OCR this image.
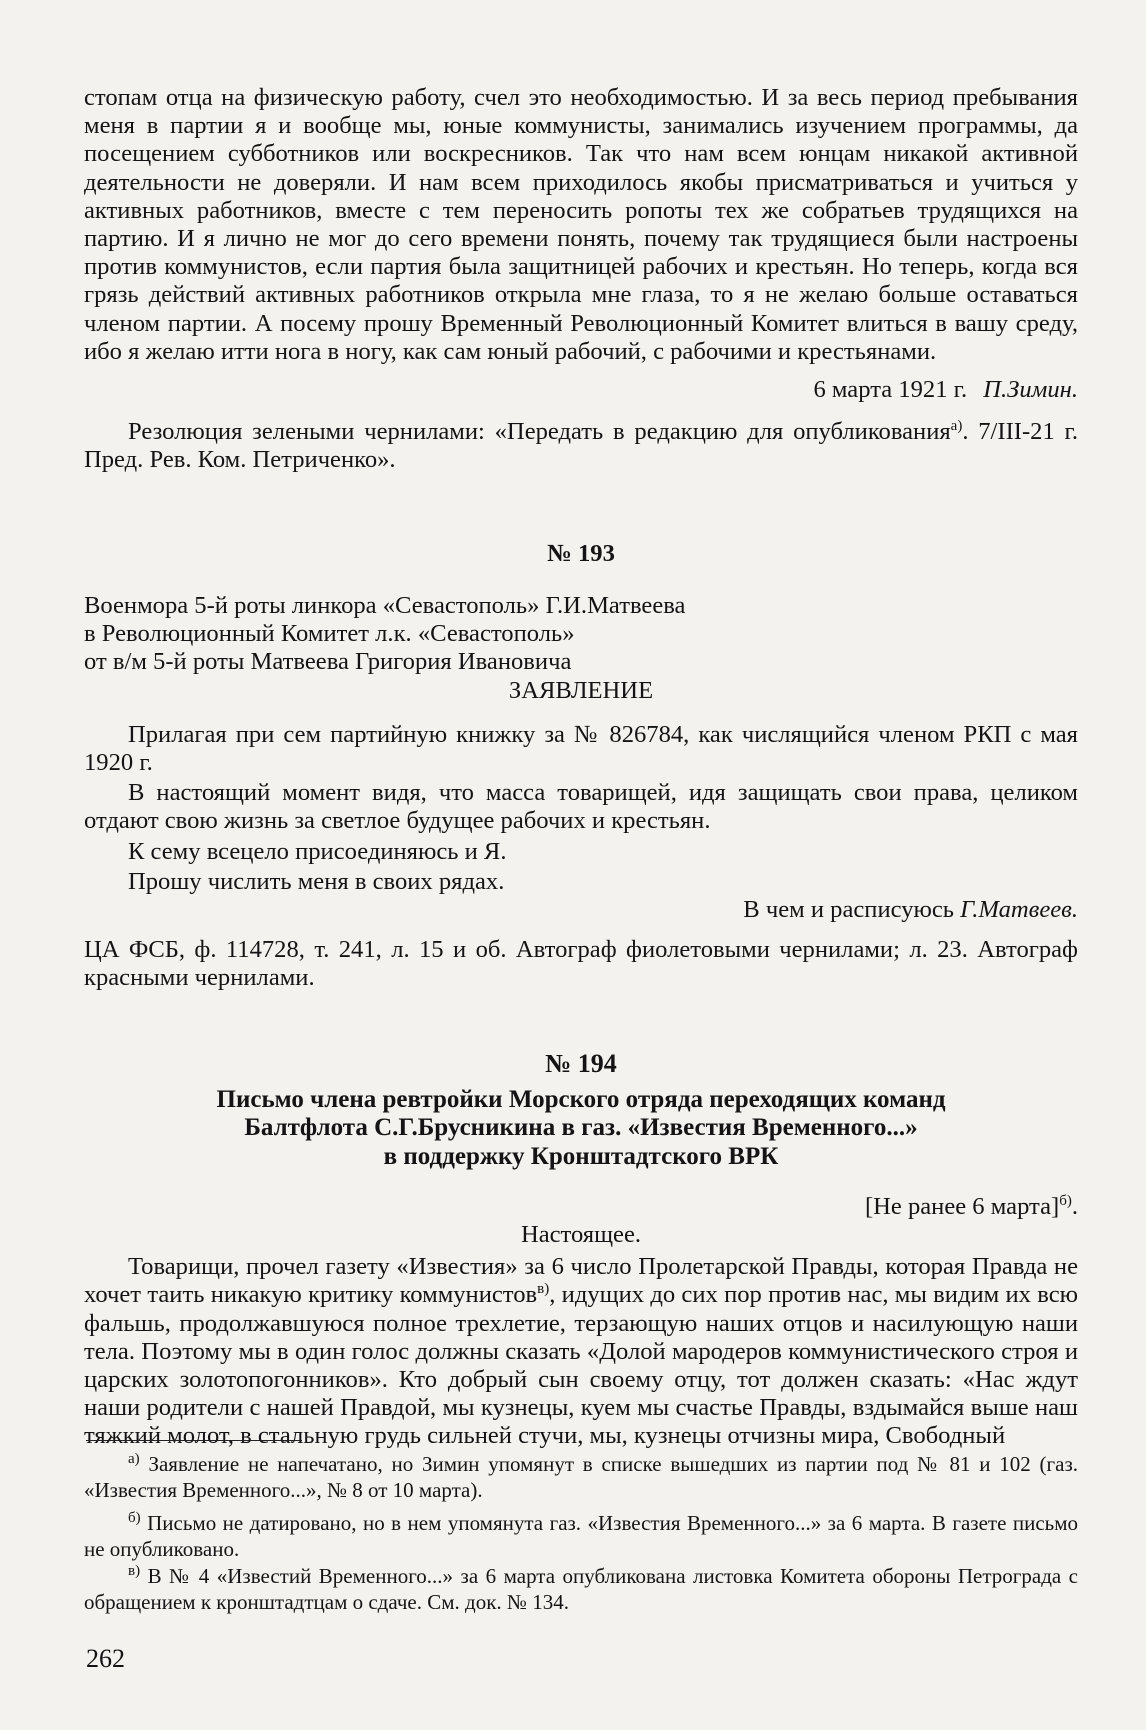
стопам отца на физическую работу, счел это необходимостью. И за весь период пребывания меня в партии я и вообще мы, юные коммунисты, занимались изучением программы, да посещением субботников или воскресников. Так что нам всем юнцам никакой активной деятельности не доверяли. И нам всем приходилось якобы присматриваться и учиться у активных работников, вместе с тем переносить ропоты тех же собратьев трудящихся на партию. И я лично не мог до сего времени понять, почему так трудящиеся были настроены против коммунистов, если партия была защитницей рабочих и крестьян. Но теперь, когда вся грязь действий активных работников открыла мне глаза, то я не желаю больше оставаться членом партии. А посему прошу Временный Революционный Комитет влиться в вашу среду, ибо я желаю итти нога в ногу, как сам юный рабочий, с рабочими и крестьянами.

6 марта 1921 г. П.Зимин.

Резолюция зелеными чернилами: «Передать в редакцию для опубликования$^{а)}$. 7/III-21 г. Пред. Рев. Ком. Петриченко».

№ 193

Военмора 5-й роты линкора «Севастополь» Г.И.Матвеева

в Революционный Комитет л.к. «Севастополь»

от в/м 5-й роты Матвеева Григория Ивановича

ЗАЯВЛЕНИЕ

Прилагая при сем партийную книжку за № 826784, как числящийся членом РКП с мая 1920 г.

В настоящий момент видя, что масса товарищей, идя защищать свои права, целиком отдают свою жизнь за светлое будущее рабочих и крестьян.

К сему всецело присоединяюсь и Я.

Прошу числить меня в своих рядах.

В чем и расписуюсь Г.Матвеев.

ЦА ФСБ, ф. 114728, т. 241, л. 15 и об. Автограф фиолетовыми чернилами; л. 23. Автограф красными чернилами.

№ 194

Письмо члена ревтройки Морского отряда переходящих команд

Балтфлота С.Г.Брусникина в газ. «Известия Временного...»

в поддержку Кронштадтского ВРК

[Не ранее 6 марта]$^{б)}$.

Настоящее.

Товарищи, прочел газету «Известия» за 6 число Пролетарской Правды, которая Правда не хочет таить никакую критику коммунистов$^{в)}$, идущих до сих пор против нас, мы видим их всю фальшь, продолжавшуюся полное трехлетие, терзающую наших отцов и насилующую наши тела. Поэтому мы в один голос должны сказать «Долой мародеров коммунистического строя и царских золотопогонников». Кто добрый сын своему отцу, тот должен сказать: «Нас ждут наши родители с нашей Правдой, мы кузнецы, куем мы счастье Правды, вздымайся выше наш тяжкий молот, в стальную грудь сильней стучи, мы, кузнецы отчизны мира, Свободный

$^{а)}$ Заявление не напечатано, но Зимин упомянут в списке вышедших из партии под № 81 и 102 (газ. «Известия Временного...», № 8 от 10 марта).

$^{б)}$ Письмо не датировано, но в нем упомянута газ. «Известия Временного...» за 6 марта. В газете письмо не опубликовано.

$^{в)}$ В № 4 «Известий Временного...» за 6 марта опубликована листовка Комитета обороны Петрограда с обращением к кронштадтцам о сдаче. См. док. № 134.

262
